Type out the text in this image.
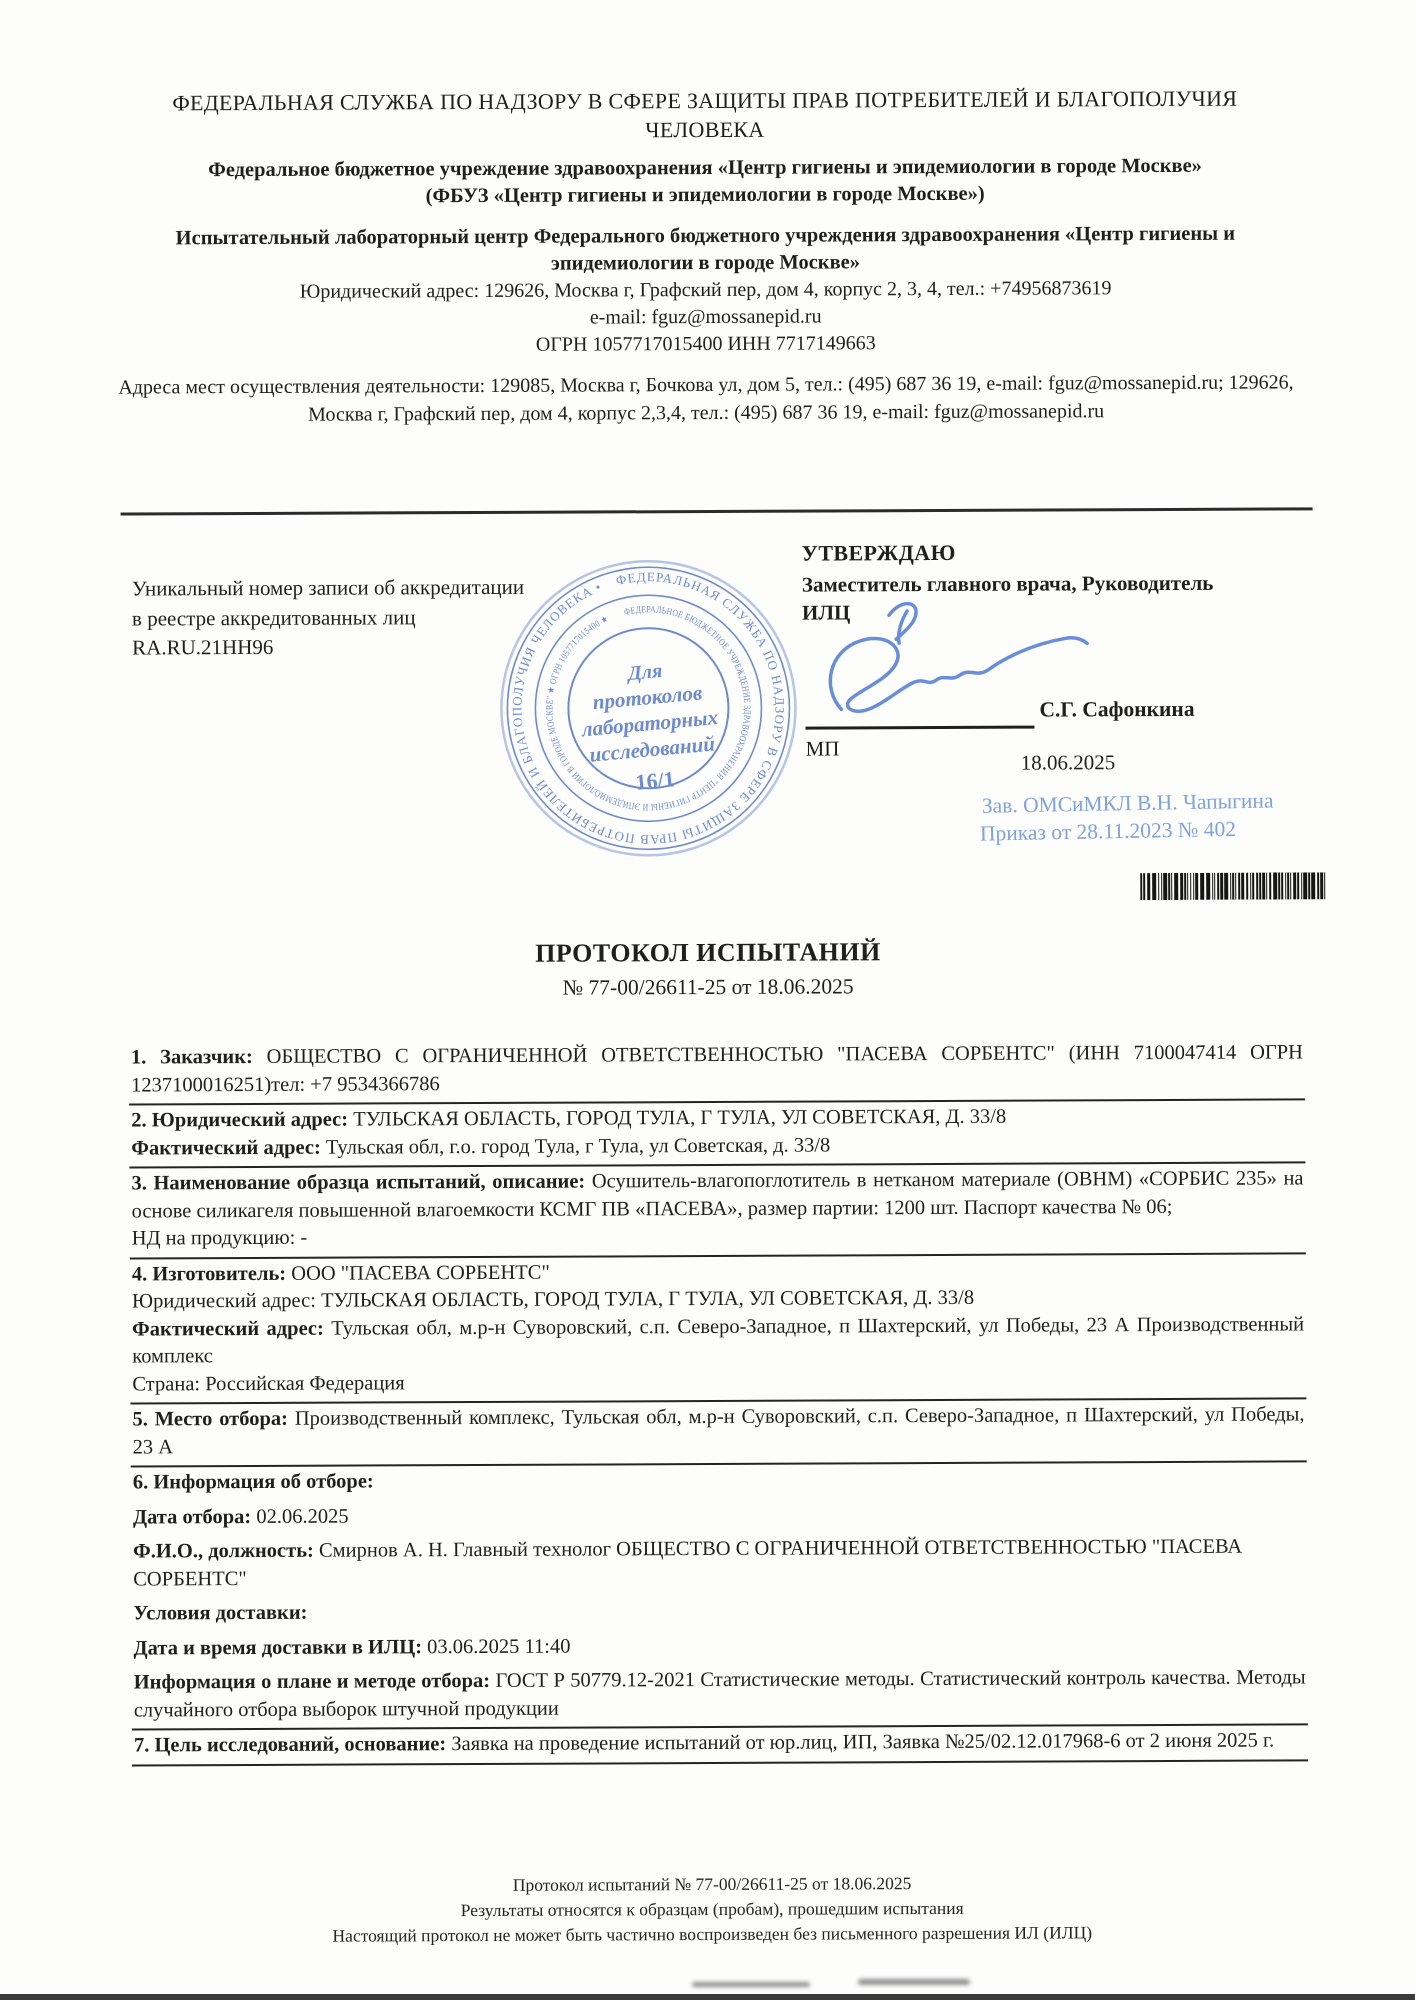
ФЕДЕРАЛЬНАЯ СЛУЖБА ПО НАДЗОРУ В СФЕРЕ ЗАЩИТЫ ПРАВ ПОТРЕБИТЕЛЕЙ И БЛАГОПОЛУЧИЯ
ЧЕЛОВЕКА
Федеральное бюджетное учреждение здравоохранения «Центр гигиены и эпидемиологии в городе Москве»
(ФБУЗ «Центр гигиены и эпидемиологии в городе Москве»)
Испытательный лабораторный центр Федерального бюджетного учреждения здравоохранения «Центр гигиены и эпидемиологии в городе Москве»
Юридический адрес: 129626, Москва г, Графский пер, дом 4, корпус 2, 3, 4, тел.: +74956873619
e-mail: fguz@mossanepid.ru
ОГРН 1057717015400 ИНН 7717149663
Адреса мест осуществления деятельности: 129085, Москва г, Бочкова ул, дом 5, тел.: (495) 687 36 19, e-mail: fguz@mossanepid.ru; 129626, Москва г, Графский пер, дом 4, корпус 2,3,4, тел.: (495) 687 36 19, e-mail: fguz@mossanepid.ru
Уникальный номер записи об аккредитации
в реестре аккредитованных лиц
RA.RU.21HH96
ФЕДЕРАЛЬНАЯ СЛУЖБА ПО НАДЗОРУ В СФЕРЕ ЗАЩИТЫ ПРАВ ПОТРЕБИТЕЛЕЙ И БЛАГОПОЛУЧИЯ ЧЕЛОВЕКА •
ФЕДЕРАЛЬНОЕ БЮДЖЕТНОЕ УЧРЕЖДЕНИЕ ЗДРАВООХРАНЕНИЯ "ЦЕНТР ГИГИЕНЫ И ЭПИДЕМИОЛОГИИ В ГОРОДЕ МОСКВЕ" ★ ОГРН 1057717015400 ★
Для
протоколов
лабораторных
исследований
16/1
УТВЕРЖДАЮ
Заместитель главного врача, Руководитель
ИЛЦ
С.Г. Сафонкина
МП
18.06.2025
Зав. ОМСиМКЛ В.Н. Чапыгина
Приказ от 28.11.2023 № 402
ПРОТОКОЛ ИСПЫТАНИЙ
№ 77-00/26611-25 от 18.06.2025

1. Заказчик: ОБЩЕСТВО С ОГРАНИЧЕННОЙ ОТВЕТСТВЕННОСТЬЮ "ПАСЕВА СОРБЕНТС" (ИНН 7100047414 ОГРН 1237100016251)тел: +7 9534366786

2. Юридический адрес: ТУЛЬСКАЯ ОБЛАСТЬ, ГОРОД ТУЛА, Г ТУЛА, УЛ СОВЕТСКАЯ, Д. 33/8

Фактический адрес: Тульская обл, г.о. город Тула, г Тула, ул Советская, д. 33/8

3. Наименование образца испытаний, описание: Осушитель-влагопоглотитель в нетканом материале (ОВНМ) «СОРБИС 235» на основе силикагеля повышенной влагоемкости КСМГ ПВ «ПАСЕВА», размер партии: 1200 шт. Паспорт качества № 06;

НД на продукцию: -

4. Изготовитель: ООО "ПАСЕВА СОРБЕНТС"

Юридический адрес: ТУЛЬСКАЯ ОБЛАСТЬ, ГОРОД ТУЛА, Г ТУЛА, УЛ СОВЕТСКАЯ, Д. 33/8

Фактический адрес: Тульская обл, м.р-н Суворовский, с.п. Северо-Западное, п Шахтерский, ул Победы, 23 А Производственный комплекс

Страна: Российская Федерация

5. Место отбора: Производственный комплекс, Тульская обл, м.р-н Суворовский, с.п. Северо-Западное, п Шахтерский, ул Победы, 23 А

6. Информация об отборе:

Дата отбора: 02.06.2025

Ф.И.О., должность: Смирнов А. Н. Главный технолог ОБЩЕСТВО С ОГРАНИЧЕННОЙ ОТВЕТСТВЕННОСТЬЮ "ПАСЕВА СОРБЕНТС"

Условия доставки:

Дата и время доставки в ИЛЦ: 03.06.2025 11:40

Информация о плане и методе отбора: ГОСТ Р 50779.12-2021 Статистические методы. Статистический контроль качества. Методы случайного отбора выборок штучной продукции

7. Цель исследований, основание: Заявка на проведение испытаний от юр.лиц, ИП, Заявка №25/02.12.017968-6 от 2 июня 2025 г.

Протокол испытаний № 77-00/26611-25 от 18.06.2025
Результаты относятся к образцам (пробам), прошедшим испытания
Настоящий протокол не может быть частично воспроизведен без письменного разрешения ИЛ (ИЛЦ)
